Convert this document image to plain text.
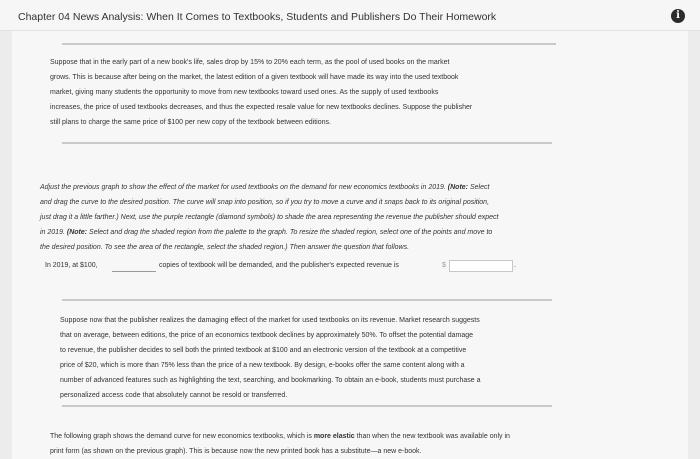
Chapter 04 News Analysis: When It Comes to Textbooks, Students and Publishers Do Their Homework	i
Suppose that in the early part of a new book's life, sales drop by 15% to 20% each term, as the pool of used books on the market
grows. This is because after being on the market, the latest edition of a given textbook will have made its way into the used textbook
market, giving many students the opportunity to move from new textbooks toward used ones. As the supply of used textbooks
increases, the price of used textbooks decreases, and thus the expected resale value for new textbooks declines. Suppose the publisher
still plans to charge the same price of $100 per new copy of the textbook between editions.
Adjust the previous graph to show the effect of the market for used textbooks on the demand for new economics textbooks in 2019. (Note: Select
and drag the curve to the desired position. The curve will snap into position, so if you try to move a curve and it snaps back to its original position,
just drag it a little farther.) Next, use the purple rectangle (diamond symbols) to shade the area representing the revenue the publisher should expect
in 2019. (Note: Select and drag the shaded region from the palette to the graph. To resize the shaded region, select one of the points and move to
the desired position. To see the area of the rectangle, select the shaded region.) Then answer the question that follows.
In 2019, at $100,	copies of textbook will be demanded, and the publisher's expected revenue is	$	.
Suppose now that the publisher realizes the damaging effect of the market for used textbooks on its revenue. Market research suggests
that on average, between editions, the price of an economics textbook declines by approximately 50%. To offset the potential damage
to revenue, the publisher decides to sell both the printed textbook at $100 and an electronic version of the textbook at a competitive
price of $20, which is more than 75% less than the price of a new textbook. By design, e-books offer the same content along with a
number of advanced features such as highlighting the text, searching, and bookmarking. To obtain an e-book, students must purchase a
personalized access code that absolutely cannot be resold or transferred.
The following graph shows the demand curve for new economics textbooks, which is more elastic than when the new textbook was available only in
print form (as shown on the previous graph). This is because now the new printed book has a substitute—a new e-book.
